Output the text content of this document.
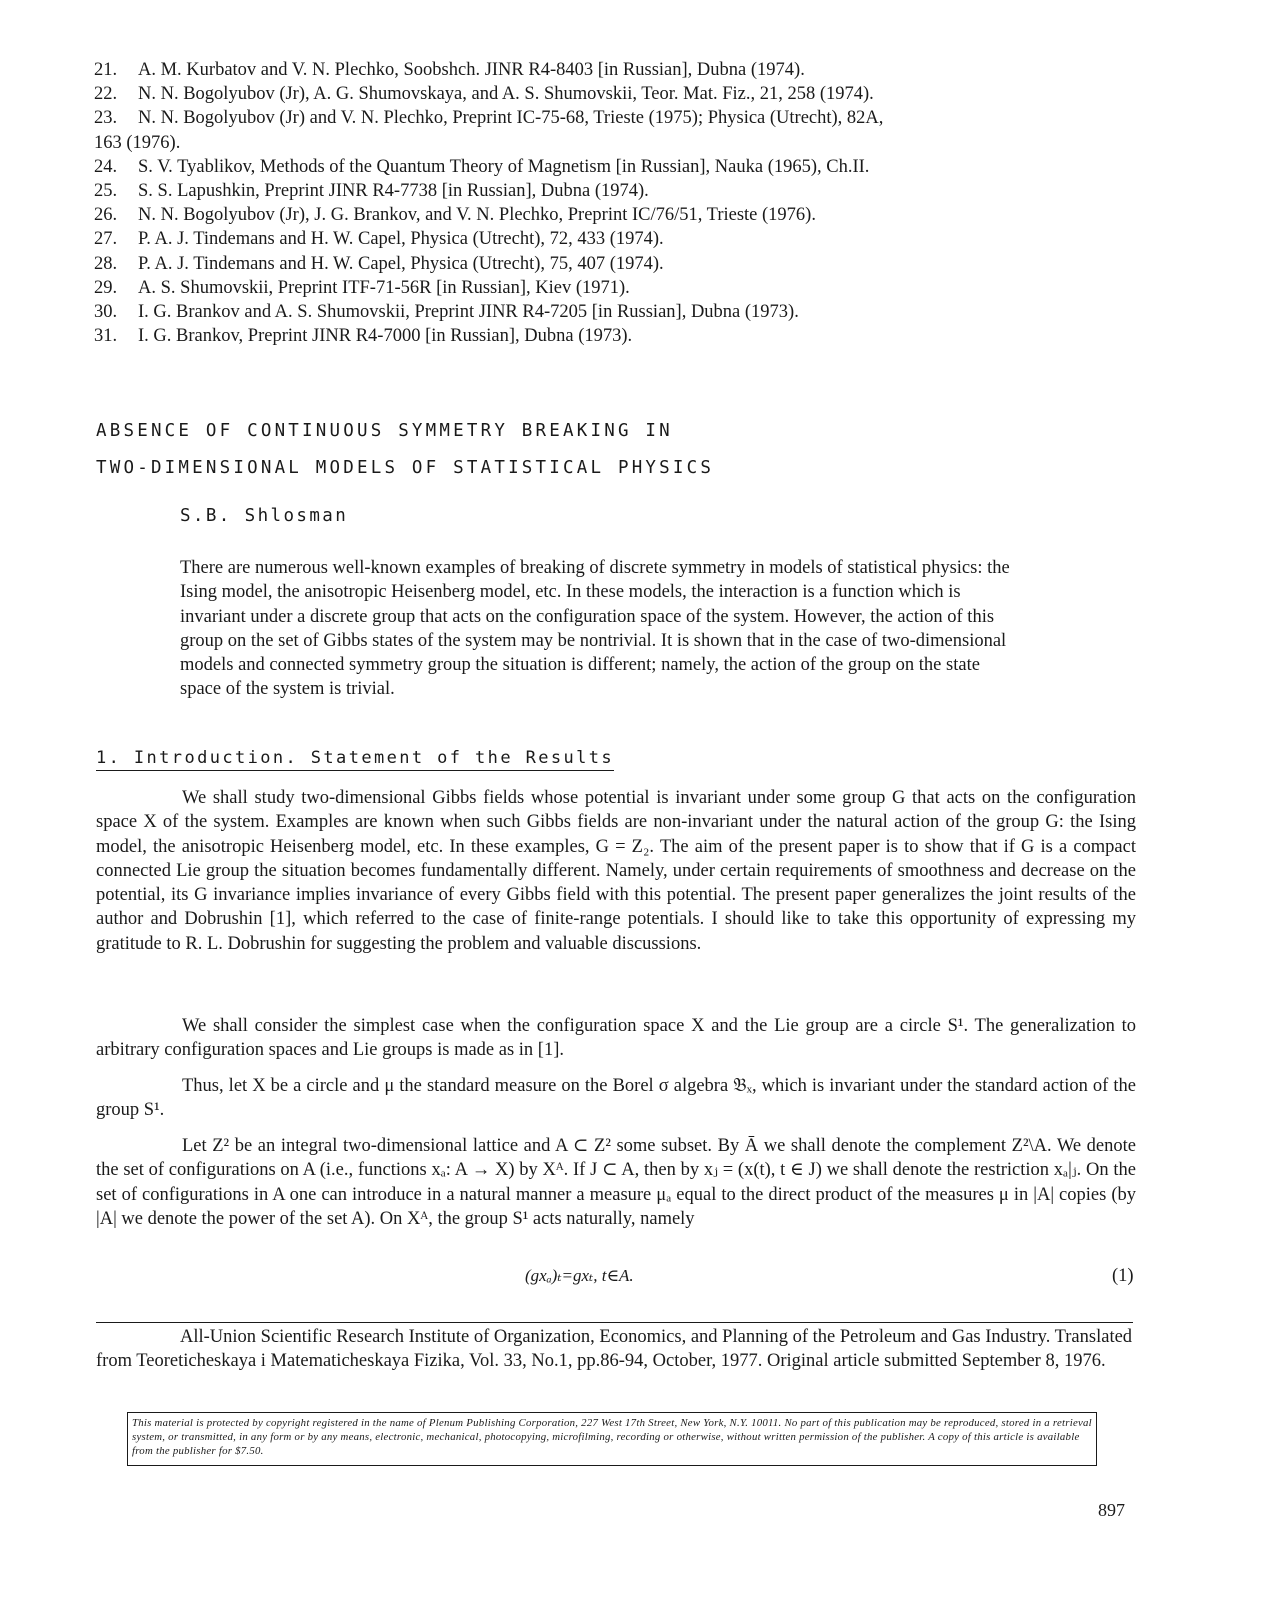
21.	A. M. Kurbatov and V. N. Plechko, Soobshch. JINR R4-8403 [in Russian], Dubna (1974).
22.	N. N. Bogolyubov (Jr), A. G. Shumovskaya, and A. S. Shumovskii, Teor. Mat. Fiz., 21, 258 (1974).
23.	N. N. Bogolyubov (Jr) and V. N. Plechko, Preprint IC-75-68, Trieste (1975); Physica (Utrecht), 82A,
163 (1976).
24.	S. V. Tyablikov, Methods of the Quantum Theory of Magnetism [in Russian], Nauka (1965), Ch.II.
25.	S. S. Lapushkin, Preprint JINR R4-7738 [in Russian], Dubna (1974).
26.	N. N. Bogolyubov (Jr), J. G. Brankov, and V. N. Plechko, Preprint IC/76/51, Trieste (1976).
27.	P. A. J. Tindemans and H. W. Capel, Physica (Utrecht), 72, 433 (1974).
28.	P. A. J. Tindemans and H. W. Capel, Physica (Utrecht), 75, 407 (1974).
29.	A. S. Shumovskii, Preprint ITF-71-56R [in Russian], Kiev (1971).
30.	I. G. Brankov and A. S. Shumovskii, Preprint JINR R4-7205 [in Russian], Dubna (1973).
31.	I. G. Brankov, Preprint JINR R4-7000 [in Russian], Dubna (1973).
ABSENCE OF CONTINUOUS SYMMETRY BREAKING IN
TWO-DIMENSIONAL MODELS OF STATISTICAL PHYSICS
S.B. Shlosman
There are numerous well-known examples of breaking of discrete symmetry in models of statistical physics: the Ising model, the anisotropic Heisenberg model, etc. In these models, the interaction is a function which is invariant under a discrete group that acts on the configuration space of the system. However, the action of this group on the set of Gibbs states of the system may be nontrivial. It is shown that in the case of two-dimensional models and connected symmetry group the situation is different; namely, the action of the group on the state space of the system is trivial.
1. Introduction. Statement of the Results

We shall study two-dimensional Gibbs fields whose potential is invariant under some group G that acts on the configuration space X of the system. Examples are known when such Gibbs fields are non-invariant under the natural action of the group G: the Ising model, the anisotropic Heisenberg model, etc. In these examples, G = Z₂. The aim of the present paper is to show that if G is a compact connected Lie group the situation becomes fundamentally different. Namely, under certain requirements of smoothness and decrease on the potential, its G invariance implies invariance of every Gibbs field with this potential. The present paper generalizes the joint results of the author and Dobrushin [1], which referred to the case of finite-range potentials. I should like to take this opportunity of expressing my gratitude to R. L. Dobrushin for suggesting the problem and valuable discussions.

We shall consider the simplest case when the configuration space X and the Lie group are a circle S¹. The generalization to arbitrary configuration spaces and Lie groups is made as in [1].

Thus, let X be a circle and μ the standard measure on the Borel σ algebra 𝔅ₓ, which is invariant under the standard action of the group S¹.

Let Z² be an integral two-dimensional lattice and A ⊂ Z² some subset. By Ā we shall denote the complement Z²\A. We denote the set of configurations on A (i.e., functions xₐ: A → X) by Xᴬ. If J ⊂ A, then by xⱼ = (x(t), t ∈ J) we shall denote the restriction xₐ|ⱼ. On the set of configurations in A one can introduce in a natural manner a measure μₐ equal to the direct product of the measures μ in |A| copies (by |A| we denote the power of the set A). On Xᴬ, the group S¹ acts naturally, namely

(gxₐ)ₜ=gxₜ, t∈A.	(1)

All-Union Scientific Research Institute of Organization, Economics, and Planning of the Petroleum and Gas Industry. Translated from Teoreticheskaya i Matematicheskaya Fizika, Vol. 33, No.1, pp.86-94, October, 1977. Original article submitted September 8, 1976.

This material is protected by copyright registered in the name of Plenum Publishing Corporation, 227 West 17th Street, New York, N.Y. 10011. No part of this publication may be reproduced, stored in a retrieval system, or transmitted, in any form or by any means, electronic, mechanical, photocopying, microfilming, recording or otherwise, without written permission of the publisher. A copy of this article is available from the publisher for $7.50.
897
